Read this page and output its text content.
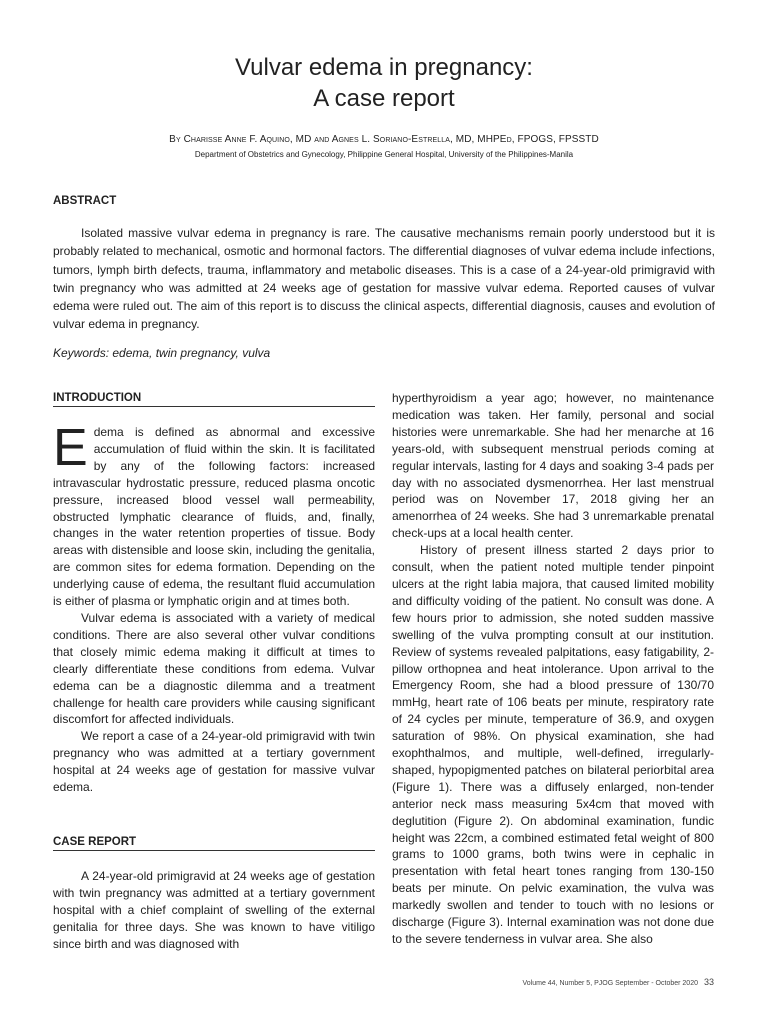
Vulvar edema in pregnancy:
A case report
By Charisse Anne F. Aquino, MD and Agnes L. Soriano-Estrella, MD, MHPEd, FPOGS, FPSSTD
Department of Obstetrics and Gynecology, Philippine General Hospital, University of the Philippines-Manila
ABSTRACT

Isolated massive vulvar edema in pregnancy is rare. The causative mechanisms remain poorly understood but it is probably related to mechanical, osmotic and hormonal factors. The differential diagnoses of vulvar edema include infections, tumors, lymph birth defects, trauma, inflammatory and metabolic diseases. This is a case of a 24-year-old primigravid with twin pregnancy who was admitted at 24 weeks age of gestation for massive vulvar edema. Reported causes of vulvar edema were ruled out. The aim of this report is to discuss the clinical aspects, differential diagnosis, causes and evolution of vulvar edema in pregnancy.

Keywords: edema, twin pregnancy, vulva
INTRODUCTION

Edema is defined as abnormal and excessive accumulation of fluid within the skin. It is facilitated by any of the following factors: increased intravascular hydrostatic pressure, reduced plasma oncotic pressure, increased blood vessel wall permeability, obstructed lymphatic clearance of fluids, and, finally, changes in the water retention properties of tissue. Body areas with distensible and loose skin, including the genitalia, are common sites for edema formation. Depending on the underlying cause of edema, the resultant fluid accumulation is either of plasma or lymphatic origin and at times both.

Vulvar edema is associated with a variety of medical conditions. There are also several other vulvar conditions that closely mimic edema making it difficult at times to clearly differentiate these conditions from edema. Vulvar edema can be a diagnostic dilemma and a treatment challenge for health care providers while causing significant discomfort for affected individuals.

We report a case of a 24-year-old primigravid with twin pregnancy who was admitted at a tertiary government hospital at 24 weeks age of gestation for massive vulvar edema.

CASE REPORT

A 24-year-old primigravid at 24 weeks age of gestation with twin pregnancy was admitted at a tertiary government hospital with a chief complaint of swelling of the external genitalia for three days. She was known to have vitiligo since birth and was diagnosed with

hyperthyroidism a year ago; however, no maintenance medication was taken. Her family, personal and social histories were unremarkable. She had her menarche at 16 years-old, with subsequent menstrual periods coming at regular intervals, lasting for 4 days and soaking 3-4 pads per day with no associated dysmenorrhea. Her last menstrual period was on November 17, 2018 giving her an amenorrhea of 24 weeks. She had 3 unremarkable prenatal check-ups at a local health center.

History of present illness started 2 days prior to consult, when the patient noted multiple tender pinpoint ulcers at the right labia majora, that caused limited mobility and difficulty voiding of the patient. No consult was done. A few hours prior to admission, she noted sudden massive swelling of the vulva prompting consult at our institution. Review of systems revealed palpitations, easy fatigability, 2-pillow orthopnea and heat intolerance. Upon arrival to the Emergency Room, she had a blood pressure of 130/70 mmHg, heart rate of 106 beats per minute, respiratory rate of 24 cycles per minute, temperature of 36.9, and oxygen saturation of 98%. On physical examination, she had exophthalmos, and multiple, well-defined, irregularly-shaped, hypopigmented patches on bilateral periorbital area (Figure 1). There was a diffusely enlarged, non-tender anterior neck mass measuring 5x4cm that moved with deglutition (Figure 2). On abdominal examination, fundic height was 22cm, a combined estimated fetal weight of 800 grams to 1000 grams, both twins were in cephalic in presentation with fetal heart tones ranging from 130-150 beats per minute. On pelvic examination, the vulva was markedly swollen and tender to touch with no lesions or discharge (Figure 3). Internal examination was not done due to the severe tenderness in vulvar area. She also

Volume 44, Number 5, PJOG September - October 2020 33
